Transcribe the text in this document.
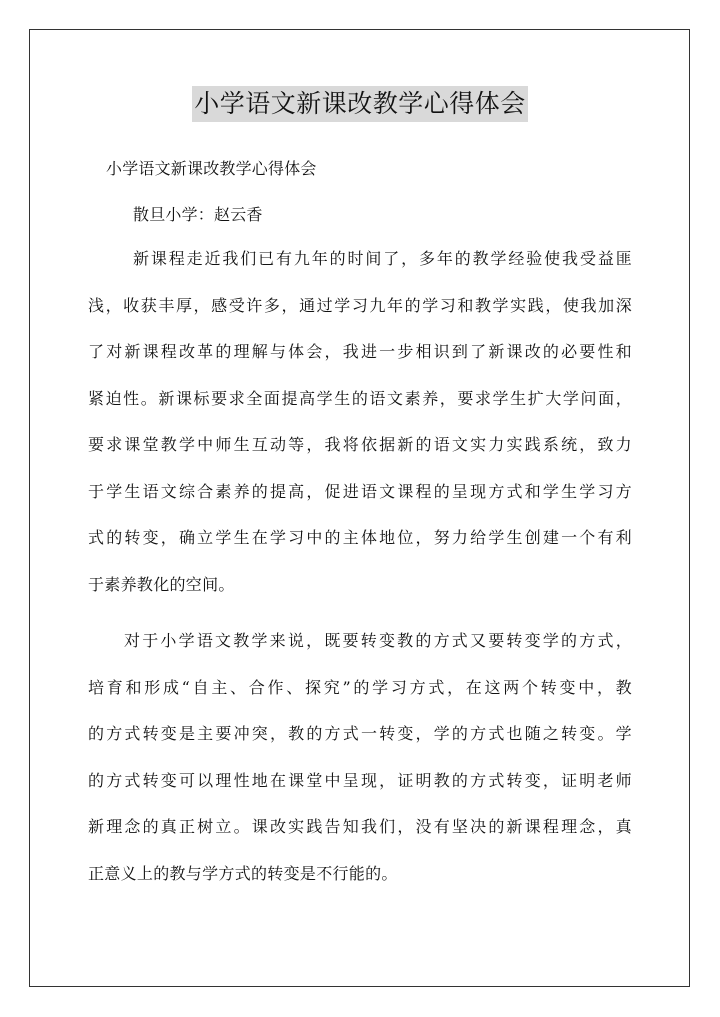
小学语文新课改教学心得体会
小学语文新课改教学心得体会
散旦小学：赵云香
新课程走近我们已有九年的时间了，多年的教学经验使我受益匪
浅，收获丰厚，感受许多，通过学习九年的学习和教学实践，使我加深
了对新课程改革的理解与体会，我进一步相识到了新课改的必要性和
紧迫性。新课标要求全面提高学生的语文素养，要求学生扩大学问面，
要求课堂教学中师生互动等，我将依据新的语文实力实践系统，致力
于学生语文综合素养的提高，促进语文课程的呈现方式和学生学习方
式的转变，确立学生在学习中的主体地位，努力给学生创建一个有利
于素养教化的空间。
对于小学语文教学来说，既要转变教的方式又要转变学的方式，
培育和形成“自主、合作、探究”的学习方式，在这两个转变中，教
的方式转变是主要冲突，教的方式一转变，学的方式也随之转变。学
的方式转变可以理性地在课堂中呈现，证明教的方式转变，证明老师
新理念的真正树立。课改实践告知我们，没有坚决的新课程理念，真
正意义上的教与学方式的转变是不行能的。
